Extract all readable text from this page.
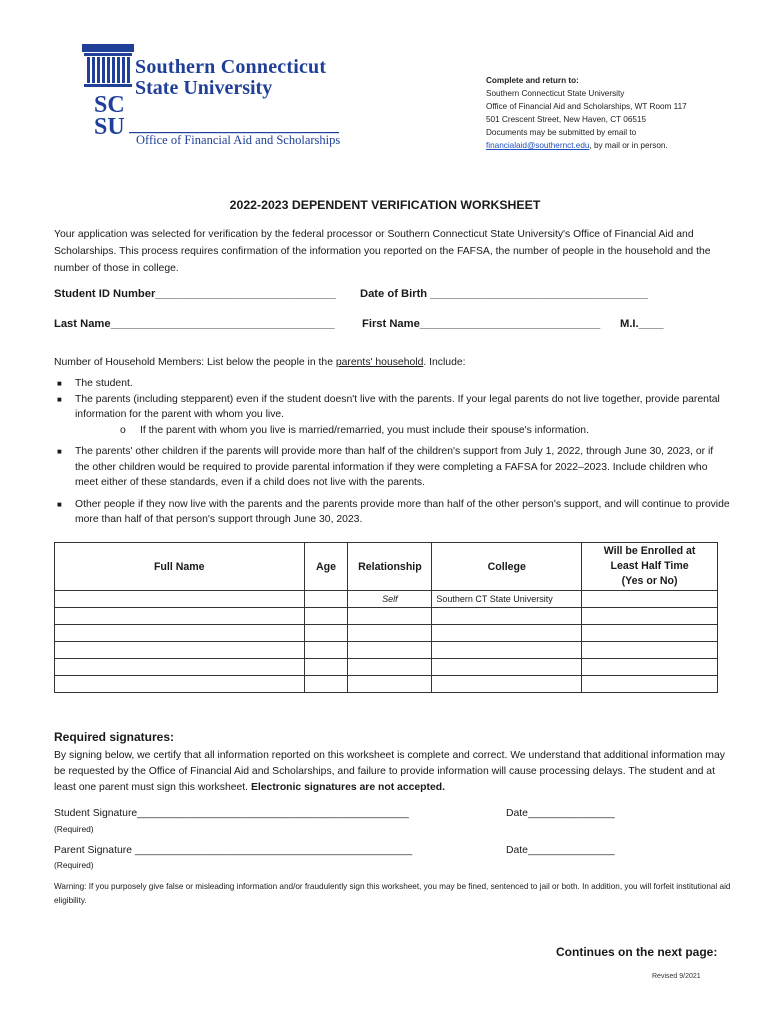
Southern Connecticut
State University
SC
SU Office of Financial Aid and Scholarships
Complete and return to:
Southern Connecticut State University
Office of Financial Aid and Scholarships, WT Room 117
501 Crescent Street, New Haven, CT 06515
Documents may be submitted by email to
financialaid@southernct.edu, by mail or in person.
2022-2023 DEPENDENT VERIFICATION WORKSHEET
Your application was selected for verification by the federal processor or Southern Connecticut State University's Office of Financial Aid and Scholarships. This process requires confirmation of the information you reported on the FAFSA, the number of people in the household and the number of those in college.
Student ID Number_____________________________ Date of Birth ___________________________________
Last Name____________________________________ First Name_____________________________ M.I.____
Number of Household Members: List below the people in the parents' household. Include:
■ The student.
■ The parents (including stepparent) even if the student doesn't live with the parents. If your legal parents do not live together, provide parental information for the parent with whom you live.
o If the parent with whom you live is married/remarried, you must include their spouse's information.
■ The parents' other children if the parents will provide more than half of the children's support from July 1, 2022, through June 30, 2023, or if the other children would be required to provide parental information if they were completing a FAFSA for 2022–2023. Include children who meet either of these standards, even if a child does not live with the parents.
■ Other people if they now live with the parents and the parents provide more than half of the other person's support, and will continue to provide more than half of that person's support through June 30, 2023.
Full Name	Age	Relationship	College	Will be Enrolled at
Least Half Time
(Yes or No)

		Self	Southern CT State University	

Required signatures:
By signing below, we certify that all information reported on this worksheet is complete and correct. We understand that additional information may be requested by the Office of Financial Aid and Scholarships, and failure to provide information will cause processing delays. The student and at least one parent must sign this worksheet. Electronic signatures are not accepted.
Student Signature_______________________________________________	Date_______________
(Required)
Parent Signature ________________________________________________	Date_______________
(Required)
Warning: If you purposely give false or misleading information and/or fraudulently sign this worksheet, you may be fined, sentenced to jail or both. In addition, you will forfeit institutional aid eligibility.
Continues on the next page:
Revised 9/2021
